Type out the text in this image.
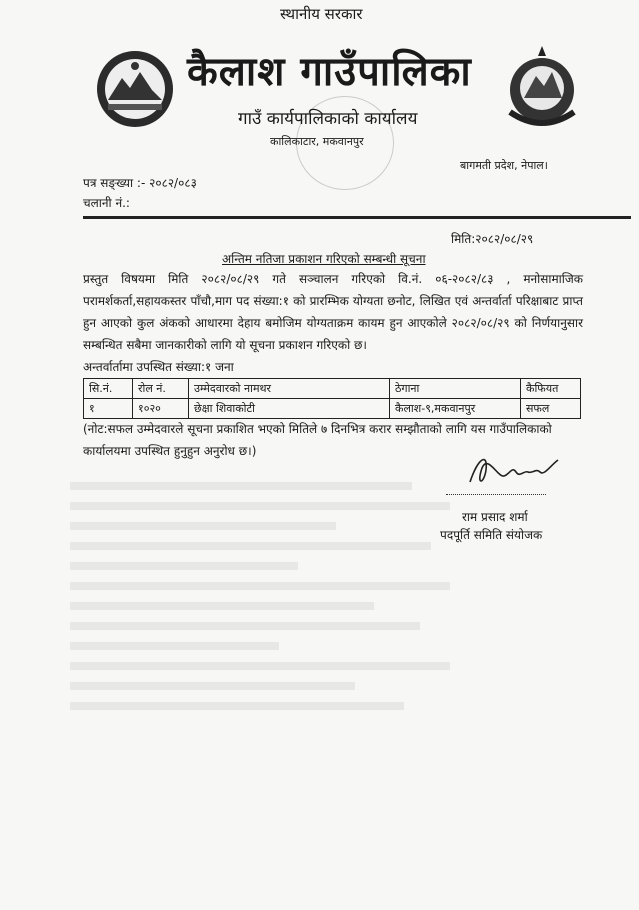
स्थानीय सरकार
कैलाश गाउँपालिका
गाउँ कार्यपालिकाको कार्यालय
कालिकाटार, मकवानपुर
बागमती प्रदेश, नेपाल।
पत्र सङ्ख्या :- २०८२/०८३
चलानी नं.:
मिति:२०८२/०८/२९
अन्तिम नतिजा प्रकाशन गरिएको सम्बन्धी सूचना
प्रस्तुत विषयमा मिति २०८२/०८/२९ गते सञ्चालन गरिएको वि.नं. ०६-२०८२/८३ , मनोसामाजिक परामर्शकर्ता,सहायकस्तर पाँचौ,माग पद संख्या:१ को प्रारम्भिक योग्यता छनोट, लिखित एवं अन्तर्वार्ता परिक्षाबाट प्राप्त हुन आएको कुल अंकको आधारमा देहाय बमोजिम योग्यताक्रम कायम हुन आएकोले २०८२/०८/२९ को निर्णयानुसार सम्बन्धित सबैमा जानकारीको लागि यो सूचना प्रकाशन गरिएको छ।
अन्तर्वार्तामा उपस्थित संख्या:१ जना
सि.नं.	रोल नं.	उम्मेदवारको नामथर	ठेगाना	कैफियत
१	१०२०	छेक्षा शिवाकोटी	कैलाश-९,मकवानपुर	सफल
(नोट:सफल उम्मेदवारले सूचना प्रकाशित भएको मितिले ७ दिनभित्र करार सम्झौताको लागि यस गाउँपालिकाको कार्यालयमा उपस्थित हुनुहुन अनुरोध छ।)
राम प्रसाद शर्मा
पदपूर्ति समिति संयोजक
